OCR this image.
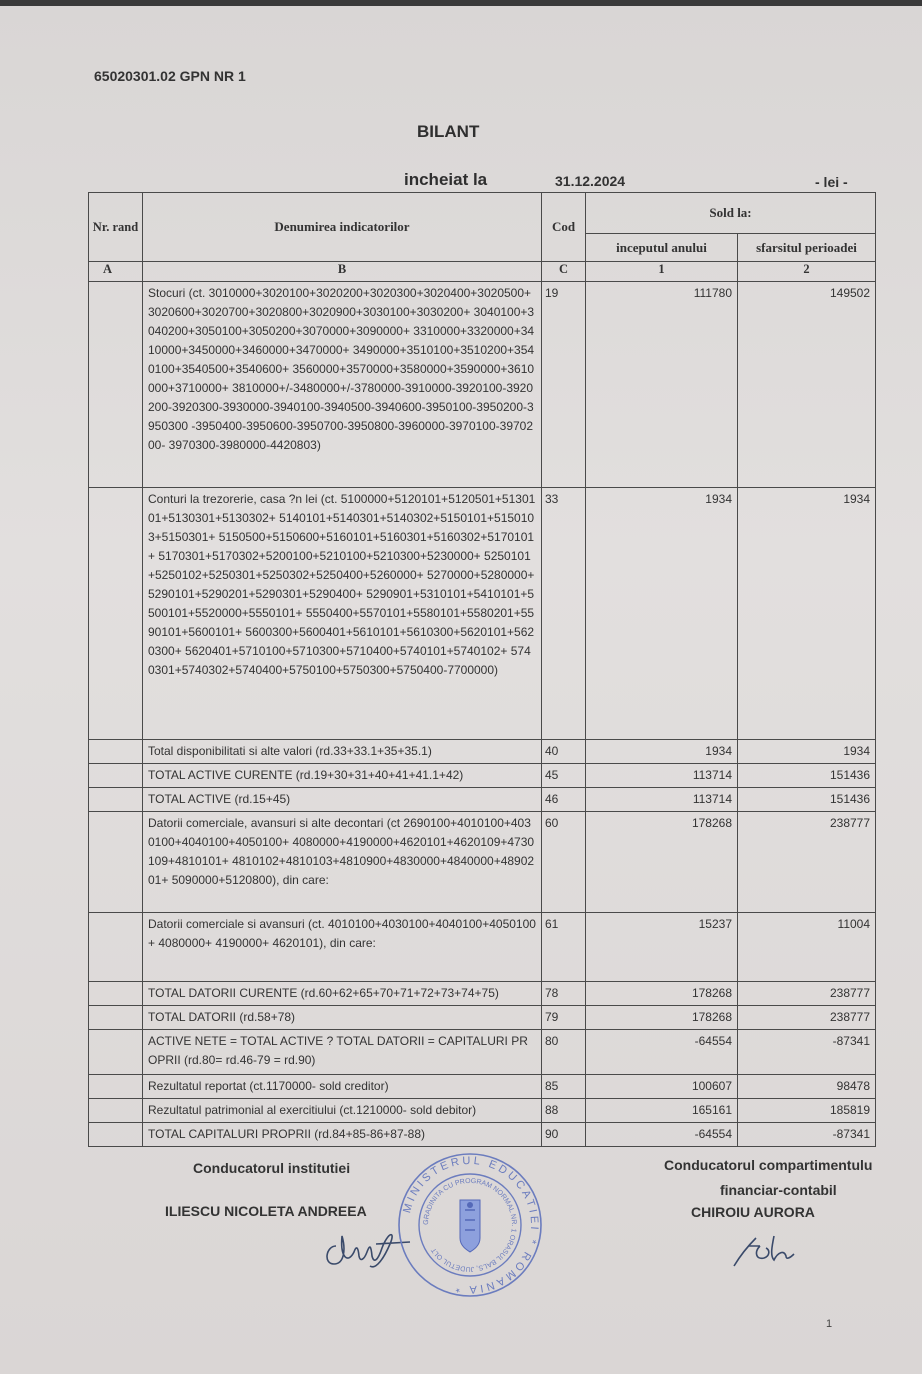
65020301.02 GPN NR 1
BILANT
incheiat la	31.12.2024	- lei -
Nr. rand	Denumirea indicatorilor	Cod	Sold la:	
			inceputul anului	sfarsitul perioadei
A	B	C	1	2
	Stocuri (ct. 3010000+3020100+3020200+3020300+3020400+3020500+ 3020600+3020700+3020800+3020900+3030100+3030200+ 3040100+3040200+3050100+3050200+3070000+3090000+ 3310000+3320000+3410000+3450000+3460000+3470000+ 3490000+3510100+3510200+3540100+3540500+3540600+ 3560000+3570000+3580000+3590000+3610000+3710000+ 3810000+/-3480000+/-3780000-3910000-3920100-3920200-3920300-3930000-3940100-3940500-3940600-3950100-3950200-3950300 -3950400-3950600-3950700-3950800-3960000-3970100-3970200- 3970300-3980000-4420803)	19	111780	149502
	Conturi la trezorerie, casa ?n lei (ct. 5100000+5120101+5120501+5130101+5130301+5130302+ 5140101+5140301+5140302+5150101+5150103+5150301+ 5150500+5150600+5160101+5160301+5160302+5170101+ 5170301+5170302+5200100+5210100+5210300+5230000+ 5250101+5250102+5250301+5250302+5250400+5260000+ 5270000+5280000+5290101+5290201+5290301+5290400+ 5290901+5310101+5410101+5500101+5520000+5550101+ 5550400+5570101+5580101+5580201+5590101+5600101+ 5600300+5600401+5610101+5610300+5620101+5620300+ 5620401+5710100+5710300+5710400+5740101+5740102+ 5740301+5740302+5740400+5750100+5750300+5750400-7700000)	33	1934	1934
	Total disponibilitati si alte valori (rd.33+33.1+35+35.1)	40	1934	1934
	TOTAL ACTIVE CURENTE (rd.19+30+31+40+41+41.1+42)	45	113714	151436
	TOTAL ACTIVE (rd.15+45)	46	113714	151436
	Datorii comerciale, avansuri si alte decontari (ct 2690100+4010100+4030100+4040100+4050100+ 4080000+4190000+4620101+4620109+4730109+4810101+ 4810102+4810103+4810900+4830000+4840000+4890201+ 5090000+5120800), din care:	60	178268	238777
	Datorii comerciale si avansuri (ct. 4010100+4030100+4040100+4050100+ 4080000+ 4190000+ 4620101), din care:	61	15237	11004
	TOTAL DATORII CURENTE (rd.60+62+65+70+71+72+73+74+75)	78	178268	238777
	TOTAL DATORII (rd.58+78)	79	178268	238777
	ACTIVE NETE = TOTAL ACTIVE ? TOTAL DATORII = CAPITALURI PROPRII (rd.80= rd.46-79 = rd.90)	80	-64554	-87341
	Rezultatul reportat (ct.1170000- sold creditor)	85	100607	98478
	Rezultatul patrimonial al exercitiului (ct.1210000- sold debitor)	88	165161	185819
	TOTAL CAPITALURI PROPRII (rd.84+85-86+87-88)	90	-64554	-87341
Conducatorul institutiei
ILIESCU NICOLETA ANDREEA	MINISTERUL EDUCATIEI * ROMANIA *
GRADINITA CU PROGRAM NORMAL NR. 1 ORASUL BALS, JUDETUL OLT
Conducatorul compartimentulu
financiar-contabil
CHIROIU AURORA
1
